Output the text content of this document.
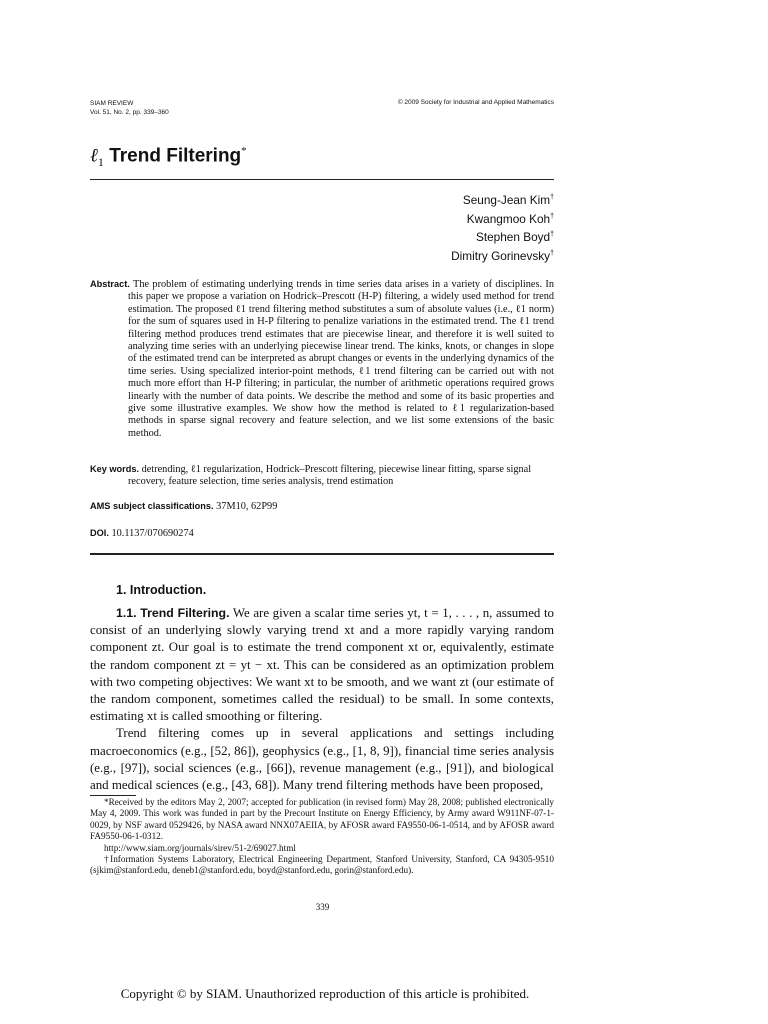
SIAM REVIEW
Vol. 51, No. 2, pp. 339–360
© 2009 Society for Industrial and Applied Mathematics
ℓ$_1$ Trend Filtering*
Seung-Jean Kim†
Kwangmoo Koh†
Stephen Boyd†
Dimitry Gorinevsky†

Abstract. The problem of estimating underlying trends in time series data arises in a variety of disciplines. In this paper we propose a variation on Hodrick–Prescott (H-P) filtering, a widely used method for trend estimation. The proposed ℓ1 trend filtering method substitutes a sum of absolute values (i.e., ℓ1 norm) for the sum of squares used in H-P filtering to penalize variations in the estimated trend. The ℓ1 trend filtering method produces trend estimates that are piecewise linear, and therefore it is well suited to analyzing time series with an underlying piecewise linear trend. The kinks, knots, or changes in slope of the estimated trend can be interpreted as abrupt changes or events in the underlying dynamics of the time series. Using specialized interior-point methods, ℓ1 trend filtering can be carried out with not much more effort than H-P filtering; in particular, the number of arithmetic operations required grows linearly with the number of data points. We describe the method and some of its basic properties and give some illustrative examples. We show how the method is related to ℓ1 regularization-based methods in sparse signal recovery and feature selection, and we list some extensions of the basic method.

Key words. detrending, ℓ1 regularization, Hodrick–Prescott filtering, piecewise linear fitting, sparse signal recovery, feature selection, time series analysis, trend estimation

AMS subject classifications. 37M10, 62P99
DOI. 10.1137/070690274
1. Introduction.

1.1. Trend Filtering. We are given a scalar time series yt, t = 1, . . . , n, assumed to consist of an underlying slowly varying trend xt and a more rapidly varying random component zt. Our goal is to estimate the trend component xt or, equivalently, estimate the random component zt = yt − xt. This can be considered as an optimization problem with two competing objectives: We want xt to be smooth, and we want zt (our estimate of the random component, sometimes called the residual) to be small. In some contexts, estimating xt is called smoothing or filtering.

Trend filtering comes up in several applications and settings including macroeconomics (e.g., [52, 86]), geophysics (e.g., [1, 8, 9]), financial time series analysis (e.g., [97]), social sciences (e.g., [66]), revenue management (e.g., [91]), and biological and medical sciences (e.g., [43, 68]). Many trend filtering methods have been proposed,

*Received by the editors May 2, 2007; accepted for publication (in revised form) May 28, 2008; published electronically May 4, 2009. This work was funded in part by the Precourt Institute on Energy Efficiency, by Army award W911NF-07-1-0029, by NSF award 0529426, by NASA award NNX07AEIIA, by AFOSR award FA9550-06-1-0514, and by AFOSR award FA9550-06-1-0312.

http://www.siam.org/journals/sirev/51-2/69027.html

†Information Systems Laboratory, Electrical Engineering Department, Stanford University, Stanford, CA 94305-9510 (sjkim@stanford.edu, deneb1@stanford.edu, boyd@stanford.edu, gorin@stanford.edu).

339
Copyright © by SIAM. Unauthorized reproduction of this article is prohibited.
